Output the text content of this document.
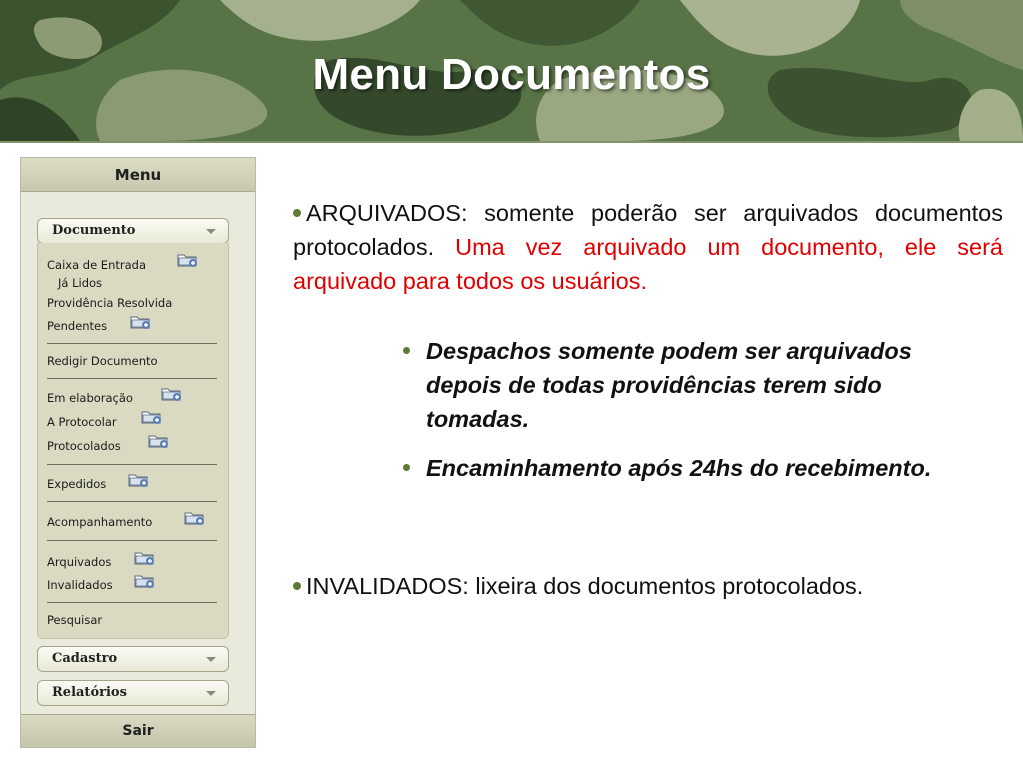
Menu Documentos
Menu
Documento
Caixa de Entrada
Já Lidos
Providência Resolvida
Pendentes
Redigir Documento
Em elaboração
A Protocolar
Protocolados
Expedidos
Acompanhamento
Arquivados
Invalidados
Pesquisar
Cadastro
Relatórios
Sair
ARQUIVADOS: somente poderão ser arquivados documentos protocolados. Uma vez arquivado um documento, ele será arquivado para todos os usuários.
Despachos somente podem ser arquivados depois de todas providências terem sido tomadas.
Encaminhamento após 24hs do recebimento.
INVALIDADOS: lixeira dos documentos protocolados.
